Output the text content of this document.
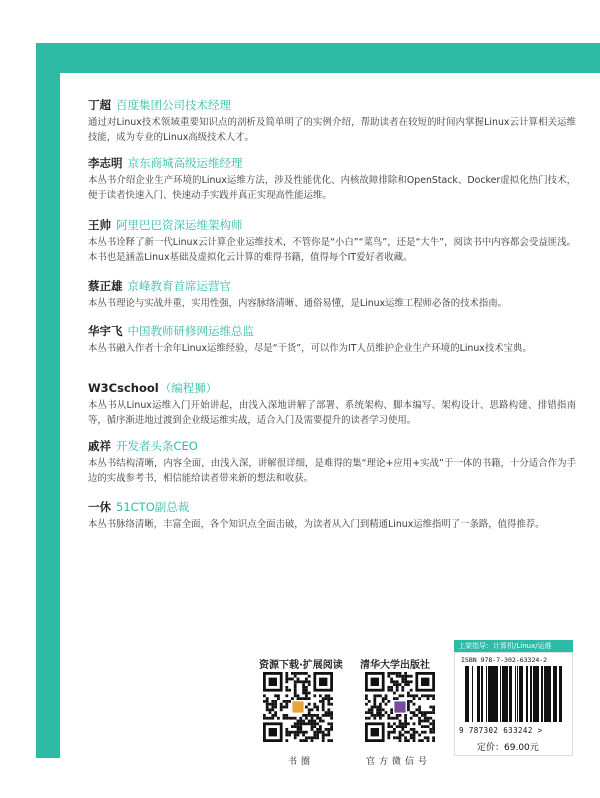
丁超 百度集团公司技术经理
通过对Linux技术领域重要知识点的剖析及简单明了的实例介绍，帮助读者在较短的时间内掌握Linux云计算相关运维技能，成为专业的Linux高级技术人才。
李志明 京东商城高级运维经理
本丛书介绍企业生产环境的Linux运维方法，涉及性能优化、内核故障排除和OpenStack、Docker虚拟化热门技术，便于读者快速入门、快速动手实践并真正实现高性能运维。
王帅 阿里巴巴资深运维架构师
本丛书诠释了新一代Linux云计算企业运维技术，不管你是“小白”“菜鸟”，还是“大牛”，阅读书中内容都会受益匪浅。本书也是涵盖Linux基础及虚拟化云计算的难得书籍，值得每个IT爱好者收藏。
蔡正雄 京峰教育首席运营官
本丛书理论与实战并重，实用性强，内容脉络清晰、通俗易懂，是Linux运维工程师必备的技术指南。
华宇飞 中国教师研修网运维总监
本丛书融入作者十余年Linux运维经验，尽是“干货”，可以作为IT人员维护企业生产环境的Linux技术宝典。
W3Cschool（编程狮）
本丛书从Linux运维入门开始讲起，由浅入深地讲解了部署、系统架构、脚本编写、架构设计、思路构建、排错指南等，循序渐进地过渡到企业级运维实战，适合入门及需要提升的读者学习使用。
戚祥 开发者头条CEO
本丛书结构清晰，内容全面，由浅入深，讲解很详细，是难得的集“理论+应用+实战”于一体的书籍，十分适合作为手边的实战参考书，相信能给读者带来新的想法和收获。
一休 51CTO副总裁
本丛书脉络清晰，丰富全面，各个知识点全面击破，为读者从入门到精通Linux运维指明了一条路，值得推荐。
资源下载·扩展阅读 清华大学出版社
书圈	官方微信号
上架指导：计算机/Linux/运维
ISBN 978-7-302-63324-2
9 787302 633242 >
定价：69.00元
